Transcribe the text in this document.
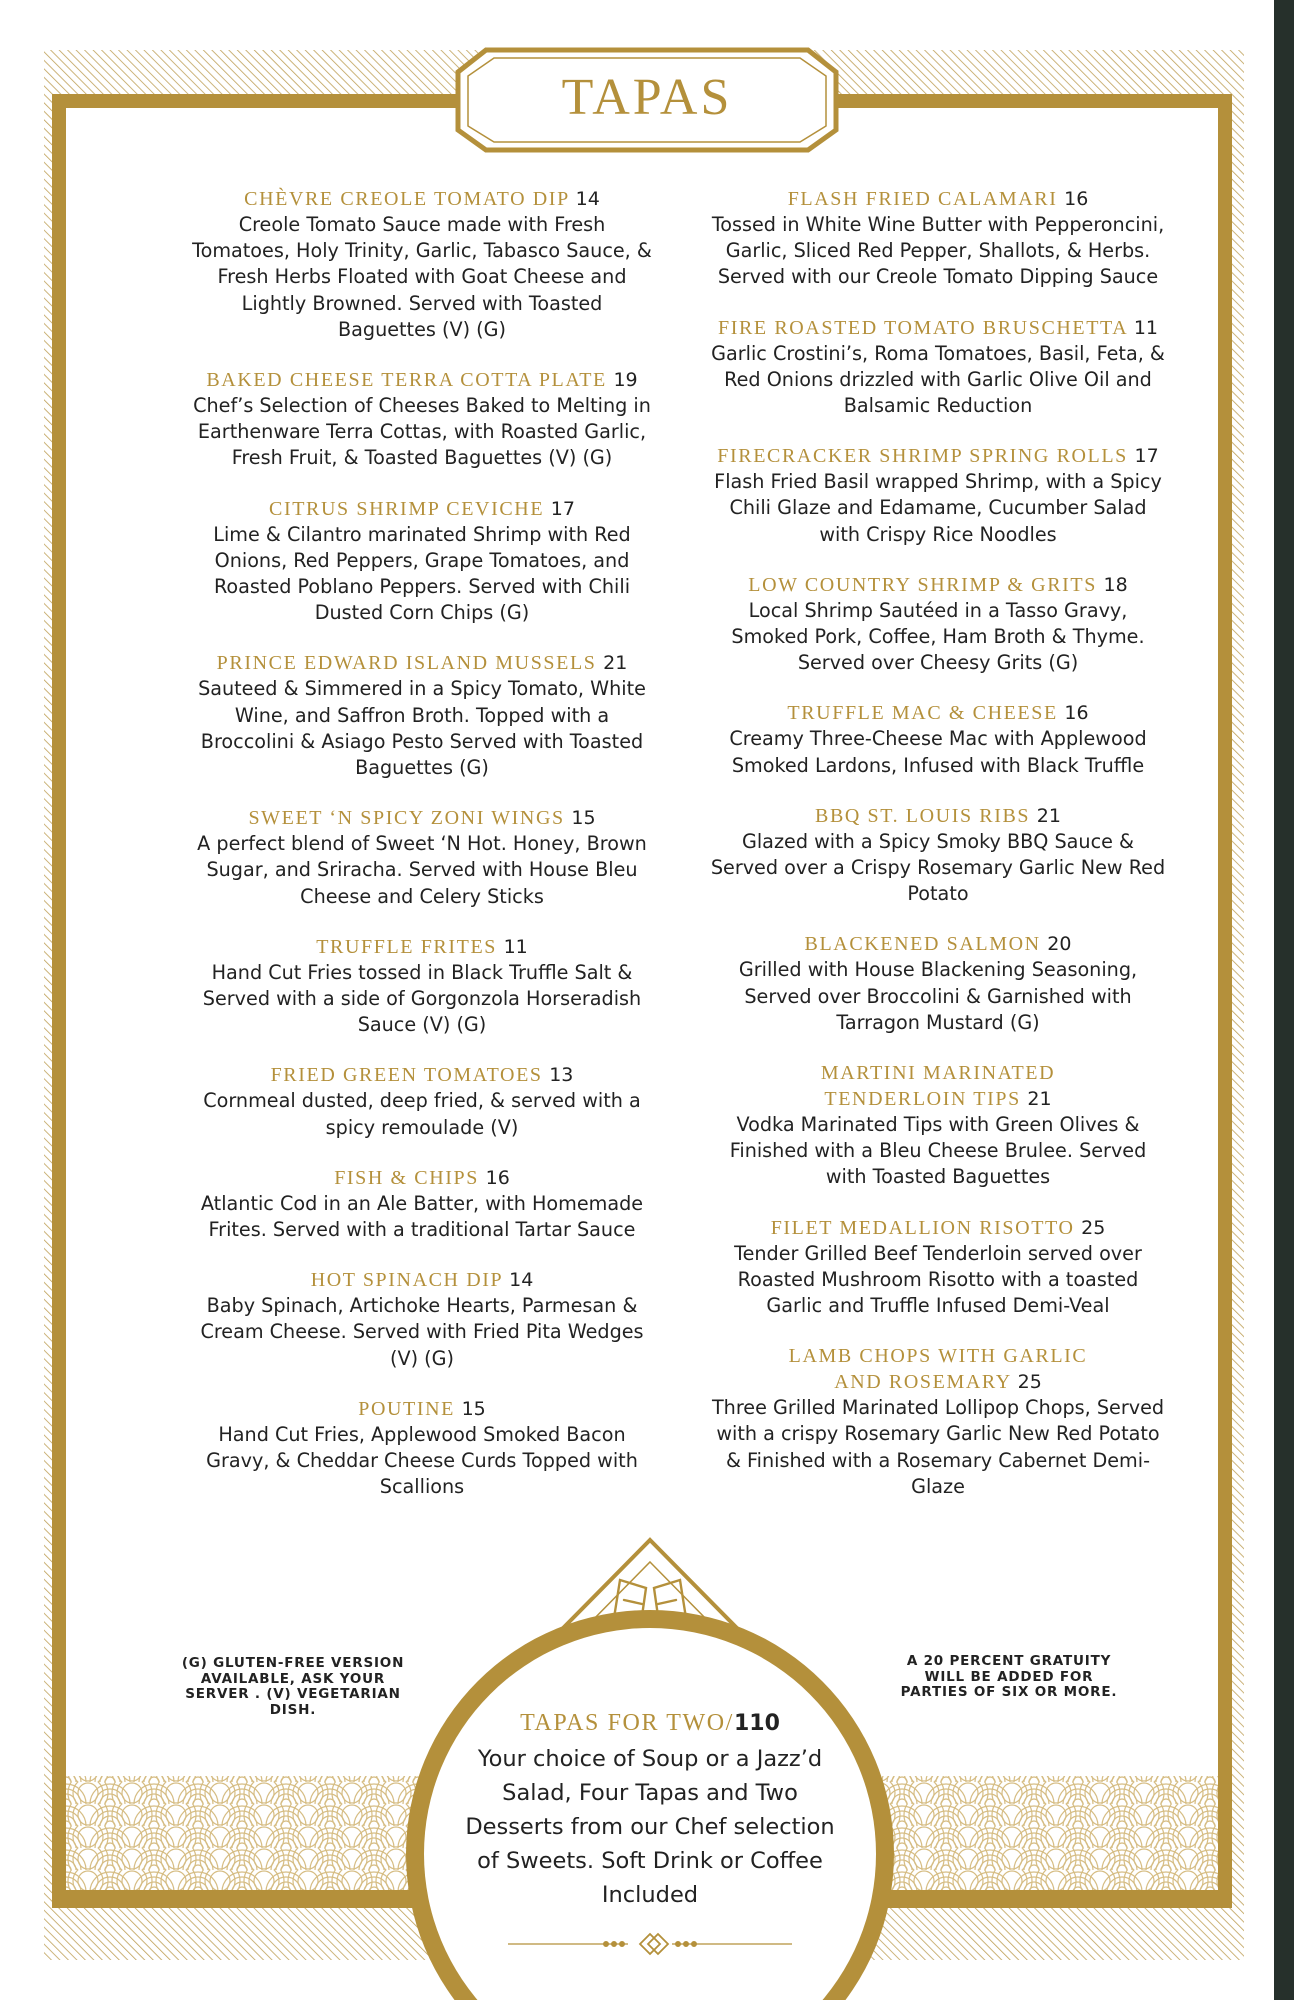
TAPAS
CHÈVRE CREOLE TOMATO DIP 14
Creole Tomato Sauce made with Fresh Tomatoes, Holy Trinity, Garlic, Tabasco Sauce, & Fresh Herbs Floated with Goat Cheese and Lightly Browned. Served with Toasted Baguettes (V) (G)
BAKED CHEESE TERRA COTTA PLATE 19
Chef’s Selection of Cheeses Baked to Melting in Earthenware Terra Cottas, with Roasted Garlic, Fresh Fruit, & Toasted Baguettes (V) (G)
CITRUS SHRIMP CEVICHE 17
Lime & Cilantro marinated Shrimp with Red Onions, Red Peppers, Grape Tomatoes, and Roasted Poblano Peppers. Served with Chili Dusted Corn Chips (G)
PRINCE EDWARD ISLAND MUSSELS 21
Sauteed & Simmered in a Spicy Tomato, White Wine, and Saffron Broth. Topped with a Broccolini & Asiago Pesto Served with Toasted Baguettes (G)
SWEET ‘N SPICY ZONI WINGS 15
A perfect blend of Sweet ‘N Hot. Honey, Brown Sugar, and Sriracha. Served with House Bleu Cheese and Celery Sticks
TRUFFLE FRITES 11
Hand Cut Fries tossed in Black Truffle Salt & Served with a side of Gorgonzola Horseradish Sauce (V) (G)
FRIED GREEN TOMATOES 13
Cornmeal dusted, deep fried, & served with a spicy remoulade (V)
FISH & CHIPS 16
Atlantic Cod in an Ale Batter, with Homemade Frites. Served with a traditional Tartar Sauce
HOT SPINACH DIP 14
Baby Spinach, Artichoke Hearts, Parmesan & Cream Cheese. Served with Fried Pita Wedges (V) (G)
POUTINE 15
Hand Cut Fries, Applewood Smoked Bacon Gravy, & Cheddar Cheese Curds Topped with Scallions
FLASH FRIED CALAMARI 16
Tossed in White Wine Butter with Pepperoncini, Garlic, Sliced Red Pepper, Shallots, & Herbs. Served with our Creole Tomato Dipping Sauce
FIRE ROASTED TOMATO BRUSCHETTA 11
Garlic Crostini’s, Roma Tomatoes, Basil, Feta, & Red Onions drizzled with Garlic Olive Oil and Balsamic Reduction
FIRECRACKER SHRIMP SPRING ROLLS 17
Flash Fried Basil wrapped Shrimp, with a Spicy Chili Glaze and Edamame, Cucumber Salad with Crispy Rice Noodles
LOW COUNTRY SHRIMP & GRITS 18
Local Shrimp Sautéed in a Tasso Gravy, Smoked Pork, Coffee, Ham Broth & Thyme. Served over Cheesy Grits (G)
TRUFFLE MAC & CHEESE 16
Creamy Three-Cheese Mac with Applewood Smoked Lardons, Infused with Black Truffle
BBQ ST. LOUIS RIBS 21
Glazed with a Spicy Smoky BBQ Sauce & Served over a Crispy Rosemary Garlic New Red Potato
BLACKENED SALMON 20
Grilled with House Blackening Seasoning, Served over Broccolini & Garnished with Tarragon Mustard (G)
MARTINI MARINATED TENDERLOIN TIPS 21
Vodka Marinated Tips with Green Olives & Finished with a Bleu Cheese Brulee. Served with Toasted Baguettes
FILET MEDALLION RISOTTO 25
Tender Grilled Beef Tenderloin served over Roasted Mushroom Risotto with a toasted Garlic and Truffle Infused Demi-Veal
LAMB CHOPS WITH GARLIC AND ROSEMARY 25
Three Grilled Marinated Lollipop Chops, Served with a crispy Rosemary Garlic New Red Potato & Finished with a Rosemary Cabernet Demi-Glaze
(G) GLUTEN-FREE VERSION AVAILABLE, ASK YOUR SERVER . (V) VEGETARIAN DISH.
A 20 PERCENT GRATUITY WILL BE ADDED FOR PARTIES OF SIX OR MORE.
TAPAS FOR TWO/110
Your choice of Soup or a Jazz’d Salad, Four Tapas and Two Desserts from our Chef selection of Sweets. Soft Drink or Coffee Included
